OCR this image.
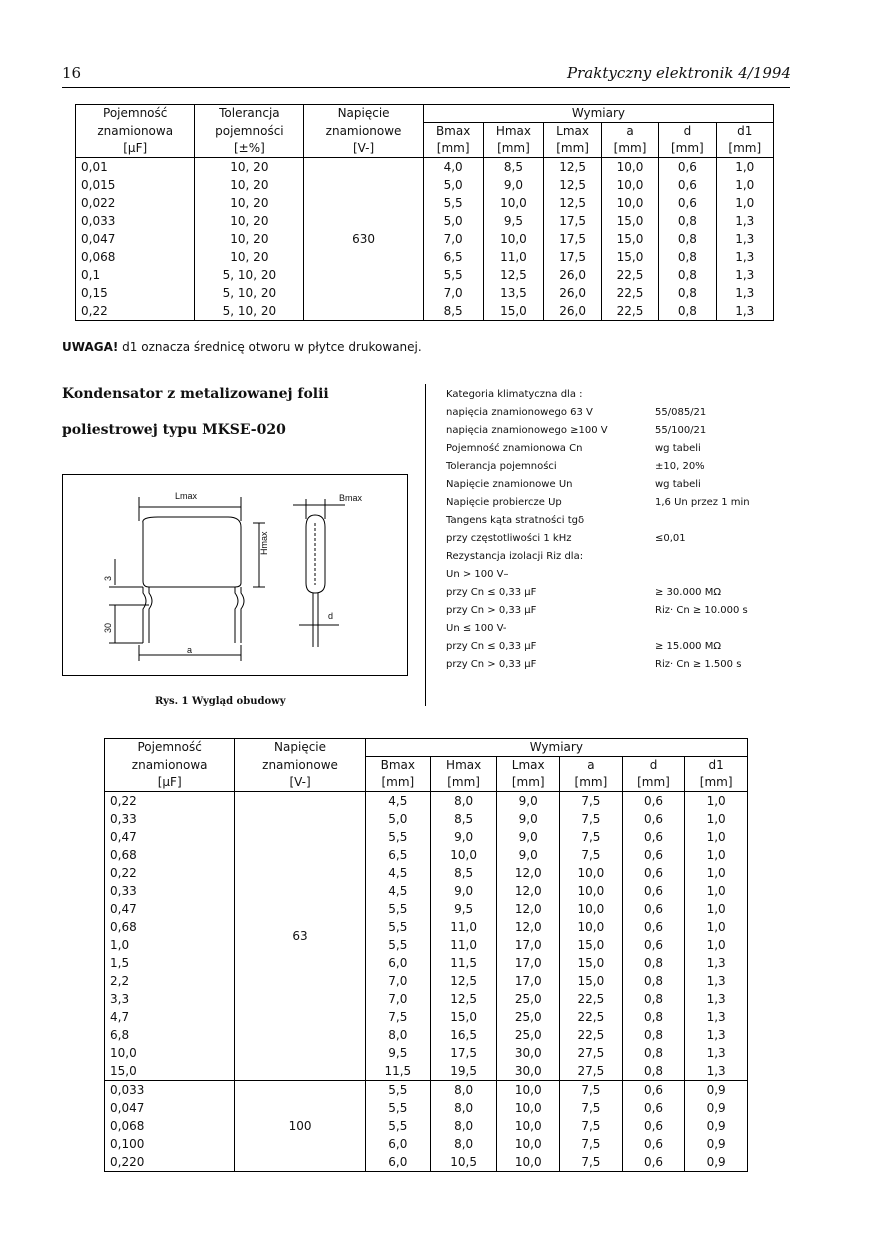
16	Praktyczny elektronik 4/1994
Pojemność	Tolerancja	Napięcie	Wymiary					
znamionowa	pojemności	znamionowe	Bmax	Hmax	Lmax	a	d	d1
[µF]	[±%]	[V-]	[mm]	[mm]	[mm]	[mm]	[mm]	[mm]
0,01	10, 20	630	4,0	8,5	12,5	10,0	0,6	1,0
0,015	10, 20		5,0	9,0	12,5	10,0	0,6	1,0
0,022	10, 20		5,5	10,0	12,5	10,0	0,6	1,0
0,033	10, 20		5,0	9,5	17,5	15,0	0,8	1,3
0,047	10, 20		7,0	10,0	17,5	15,0	0,8	1,3
0,068	10, 20		6,5	11,0	17,5	15,0	0,8	1,3
0,1	5, 10, 20		5,5	12,5	26,0	22,5	0,8	1,3
0,15	5, 10, 20		7,0	13,5	26,0	22,5	0,8	1,3
0,22	5, 10, 20		8,5	15,0	26,0	22,5	0,8	1,3
UWAGA! d1 oznacza średnicę otworu w płytce drukowanej.
Kondensator z metalizowanej folii
poliestrowej typu MKSE-020
Lmax	Bmax
Hmax
3
30
a
d
Rys. 1 Wygląd obudowy
Kategoria klimatyczna dla :
napięcia znamionowego 63 V	55/085/21
napięcia znamionowego ≥100 V	55/100/21
Pojemność znamionowa Cn	wg tabeli
Tolerancja pojemności	±10, 20%
Napięcie znamionowe Un	wg tabeli
Napięcie probiercze Up	1,6 Un przez 1 min
Tangens kąta stratności tgδ
przy częstotliwości 1 kHz	≤0,01
Rezystancja izolacji Riz dla:
Un > 100 V–
przy Cn ≤ 0,33 µF	≥ 30.000 MΩ
przy Cn > 0,33 µF	Riz· Cn ≥ 10.000 s
Un ≤ 100 V-
przy Cn ≤ 0,33 µF	≥ 15.000 MΩ
przy Cn > 0,33 µF	Riz· Cn ≥ 1.500 s
Pojemność	Napięcie	Wymiary					
znamionowa	znamionowe	Bmax	Hmax	Lmax	a	d	d1
[µF]	[V-]	[mm]	[mm]	[mm]	[mm]	[mm]	[mm]
0,22	63	4,5	8,0	9,0	7,5	0,6	1,0
0,33		5,0	8,5	9,0	7,5	0,6	1,0
0,47		5,5	9,0	9,0	7,5	0,6	1,0
0,68		6,5	10,0	9,0	7,5	0,6	1,0
0,22		4,5	8,5	12,0	10,0	0,6	1,0
0,33		4,5	9,0	12,0	10,0	0,6	1,0
0,47		5,5	9,5	12,0	10,0	0,6	1,0
0,68		5,5	11,0	12,0	10,0	0,6	1,0
1,0		5,5	11,0	17,0	15,0	0,6	1,0
1,5		6,0	11,5	17,0	15,0	0,8	1,3
2,2		7,0	12,5	17,0	15,0	0,8	1,3
3,3		7,0	12,5	25,0	22,5	0,8	1,3
4,7		7,5	15,0	25,0	22,5	0,8	1,3
6,8		8,0	16,5	25,0	22,5	0,8	1,3
10,0		9,5	17,5	30,0	27,5	0,8	1,3
15,0		11,5	19,5	30,0	27,5	0,8	1,3
0,033	100	5,5	8,0	10,0	7,5	0,6	0,9
0,047		5,5	8,0	10,0	7,5	0,6	0,9
0,068		5,5	8,0	10,0	7,5	0,6	0,9
0,100		6,0	8,0	10,0	7,5	0,6	0,9
0,220		6,0	10,5	10,0	7,5	0,6	0,9
